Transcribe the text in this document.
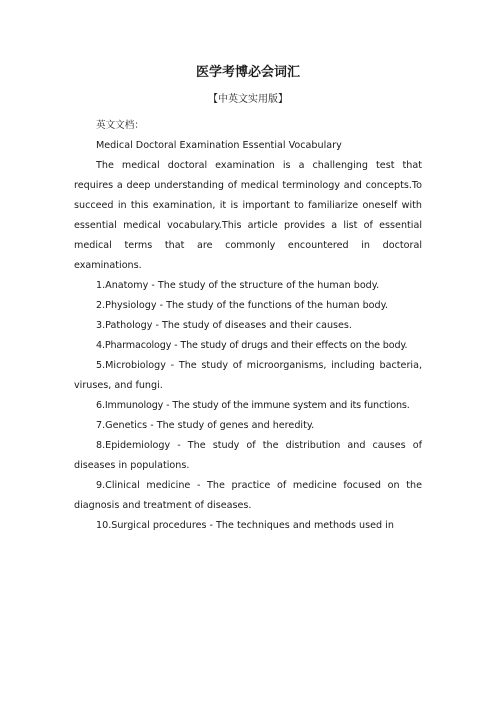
医学考博必会词汇
【中英文实用版】

英文文档：

Medical Doctoral Examination Essential Vocabulary

The medical doctoral examination is a challenging test that requires a deep understanding of medical terminology and concepts.To succeed in this examination, it is important to familiarize oneself with essential medical vocabulary.This article provides a list of essential medical terms that are commonly encountered in doctoral examinations.

1.Anatomy - The study of the structure of the human body.

2.Physiology - The study of the functions of the human body.

3.Pathology - The study of diseases and their causes.

4.Pharmacology - The study of drugs and their effects on the body.

5.Microbiology - The study of microorganisms, including bacteria, viruses, and fungi.

6.Immunology - The study of the immune system and its functions.

7.Genetics - The study of genes and heredity.

8.Epidemiology - The study of the distribution and causes of diseases in populations.

9.Clinical medicine - The practice of medicine focused on the diagnosis and treatment of diseases.

10.Surgical procedures - The techniques and methods used in
